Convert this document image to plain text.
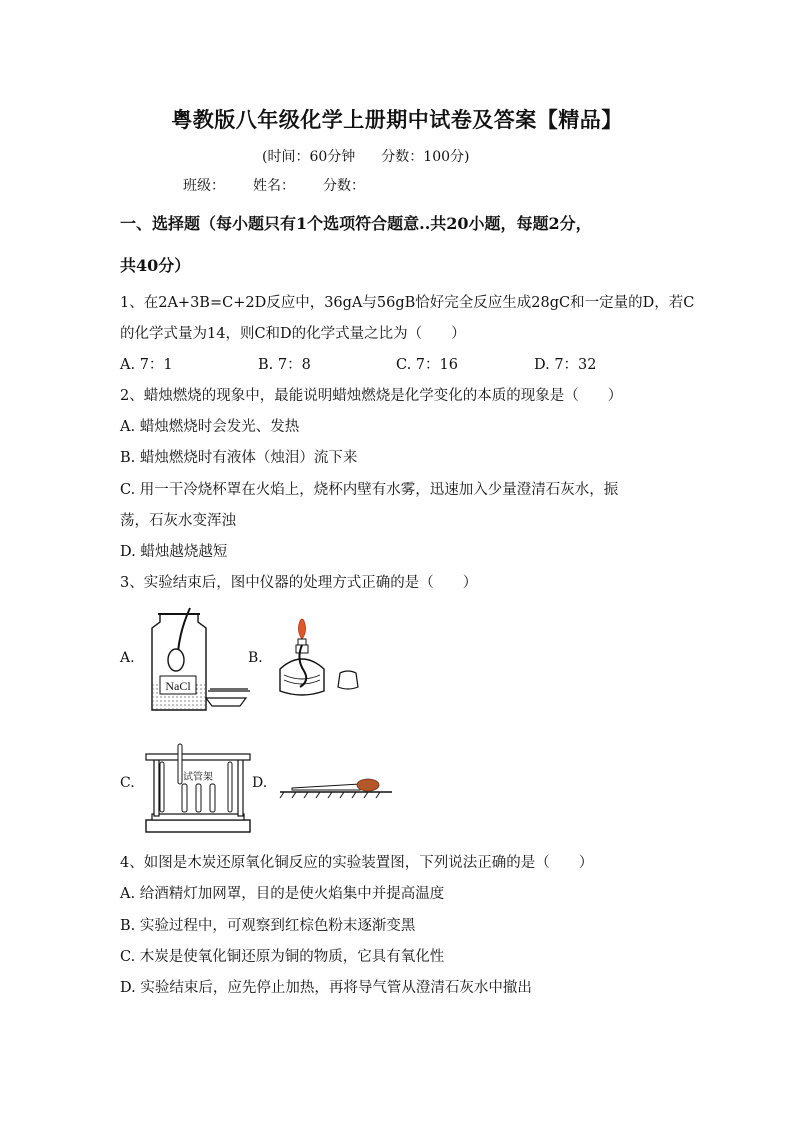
粤教版八年级化学上册期中试卷及答案【精品】
(时间：60分钟 分数：100分)
班级： 姓名： 分数：
一、选择题（每小题只有1个选项符合题意..共20小题，每题2分，
共40分）
1、在2A+3B=C+2D反应中，36gA与56gB恰好完全反应生成28gC和一定量的D，若C
的化学式量为14，则C和D的化学式量之比为（　　）
A. 7：1	B. 7：8	C. 7：16	D. 7：32
2、蜡烛燃烧的现象中，最能说明蜡烛燃烧是化学变化的本质的现象是（　　）
A. 蜡烛燃烧时会发光、发热
B. 蜡烛燃烧时有液体（烛泪）流下来
C. 用一干冷烧杯罩在火焰上，烧杯内壁有水雾，迅速加入少量澄清石灰水，振
荡，石灰水变浑浊
D. 蜡烛越烧越短
3、实验结束后，图中仪器的处理方式正确的是（　　）
A.	B.
C.	D.
NaCl
试管架
4、如图是木炭还原氧化铜反应的实验装置图，下列说法正确的是（　　）
A. 给酒精灯加网罩，目的是使火焰集中并提高温度
B. 实验过程中，可观察到红棕色粉末逐渐变黑
C. 木炭是使氧化铜还原为铜的物质，它具有氧化性
D. 实验结束后，应先停止加热，再将导气管从澄清石灰水中撤出
